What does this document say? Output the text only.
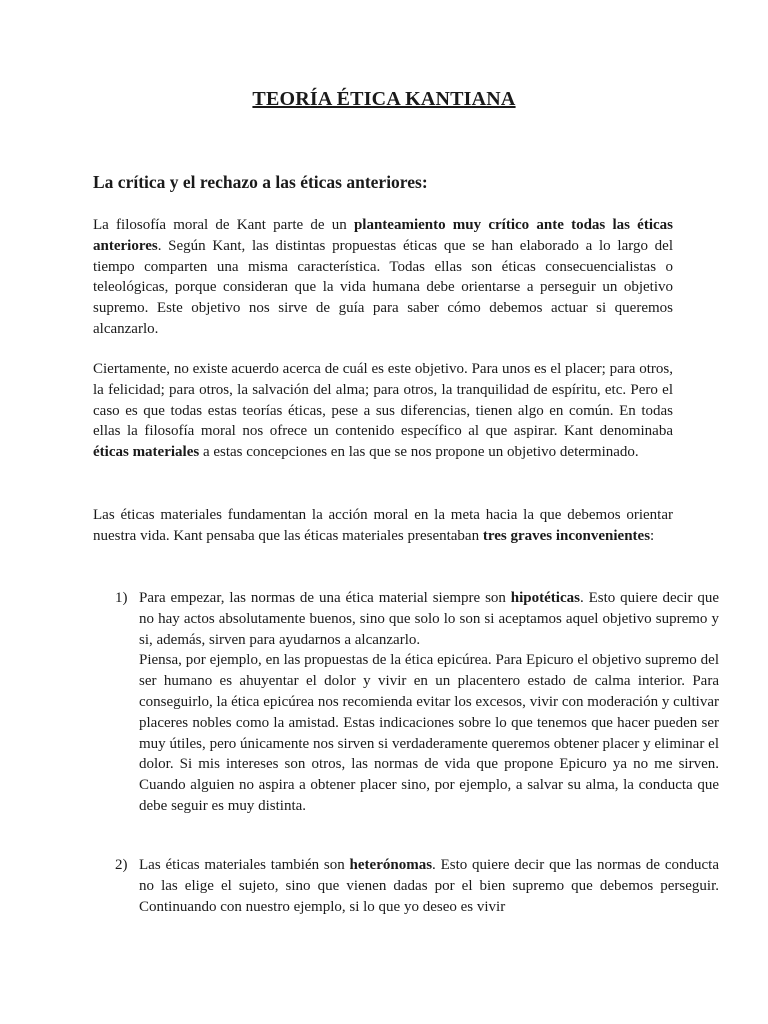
TEORÍA ÉTICA KANTIANA
La crítica y el rechazo a las éticas anteriores:

La filosofía moral de Kant parte de un planteamiento muy crítico ante todas las éticas anteriores. Según Kant, las distintas propuestas éticas que se han elaborado a lo largo del tiempo comparten una misma característica. Todas ellas son éticas consecuencialistas o teleológicas, porque consideran que la vida humana debe orientarse a perseguir un objetivo supremo. Este objetivo nos sirve de guía para saber cómo debemos actuar si queremos alcanzarlo.

Ciertamente, no existe acuerdo acerca de cuál es este objetivo. Para unos es el placer; para otros, la felicidad; para otros, la salvación del alma; para otros, la tranquilidad de espíritu, etc. Pero el caso es que todas estas teorías éticas, pese a sus diferencias, tienen algo en común. En todas ellas la filosofía moral nos ofrece un contenido específico al que aspirar. Kant denominaba éticas materiales a estas concepciones en las que se nos propone un objetivo determinado.

Las éticas materiales fundamentan la acción moral en la meta hacia la que debemos orientar nuestra vida. Kant pensaba que las éticas materiales presentaban tres graves inconvenientes:

1) Para empezar, las normas de una ética material siempre son hipotéticas. Esto quiere decir que no hay actos absolutamente buenos, sino que solo lo son si aceptamos aquel objetivo supremo y si, además, sirven para ayudarnos a alcanzarlo.

Piensa, por ejemplo, en las propuestas de la ética epicúrea. Para Epicuro el objetivo supremo del ser humano es ahuyentar el dolor y vivir en un placentero estado de calma interior. Para conseguirlo, la ética epicúrea nos recomienda evitar los excesos, vivir con moderación y cultivar placeres nobles como la amistad. Estas indicaciones sobre lo que tenemos que hacer pueden ser muy útiles, pero únicamente nos sirven si verdaderamente queremos obtener placer y eliminar el dolor. Si mis intereses son otros, las normas de vida que propone Epicuro ya no me sirven. Cuando alguien no aspira a obtener placer sino, por ejemplo, a salvar su alma, la conducta que debe seguir es muy distinta.

2) Las éticas materiales también son heterónomas. Esto quiere decir que las normas de conducta no las elige el sujeto, sino que vienen dadas por el bien supremo que debemos perseguir. Continuando con nuestro ejemplo, si lo que yo deseo es vivir
